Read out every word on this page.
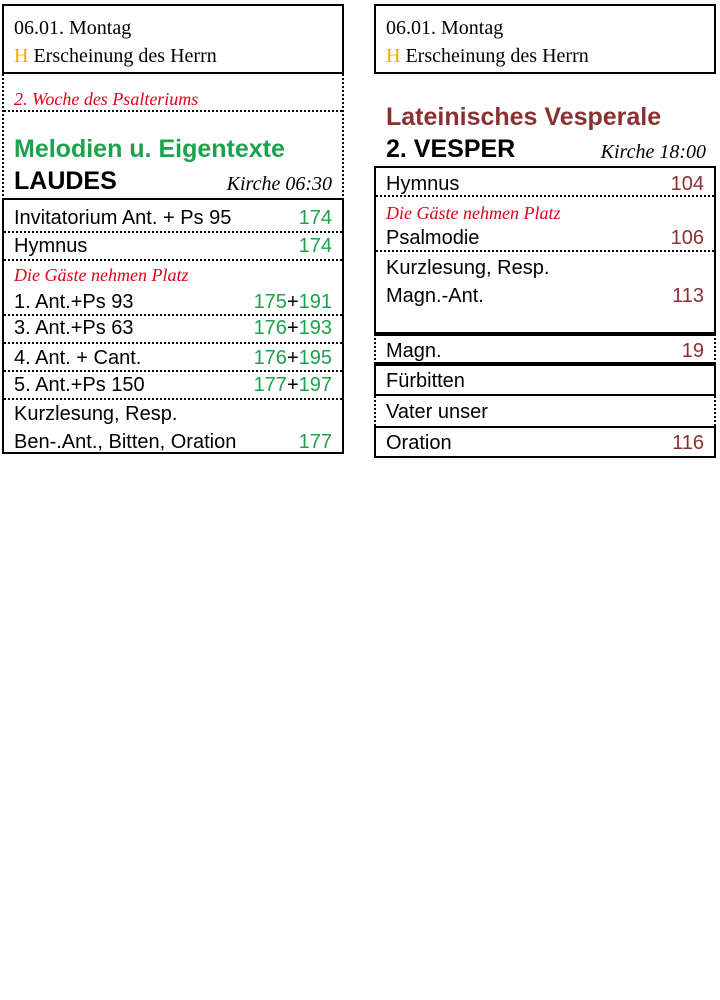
06.01. Montag
H Erscheinung des Herrn
2. Woche des Psalteriums
Melodien u. Eigentexte
LAUDES	Kirche 06:30
Invitatorium Ant. + Ps 95	174
Hymnus	174
Die Gäste nehmen Platz
1. Ant.+Ps 93	175+191
3. Ant.+Ps 63	176+193
4. Ant. + Cant.	176+195
5. Ant.+Ps 150	177+197
Kurzlesung, Resp.
Ben-.Ant., Bitten, Oration	177
06.01. Montag
H Erscheinung des Herrn
Lateinisches Vesperale
2. VESPER	Kirche 18:00
Hymnus	104
Die Gäste nehmen Platz
Psalmodie	106
Kurzlesung, Resp.
Magn.-Ant.	113
Magn.	19
Fürbitten
Vater unser
Oration	116
